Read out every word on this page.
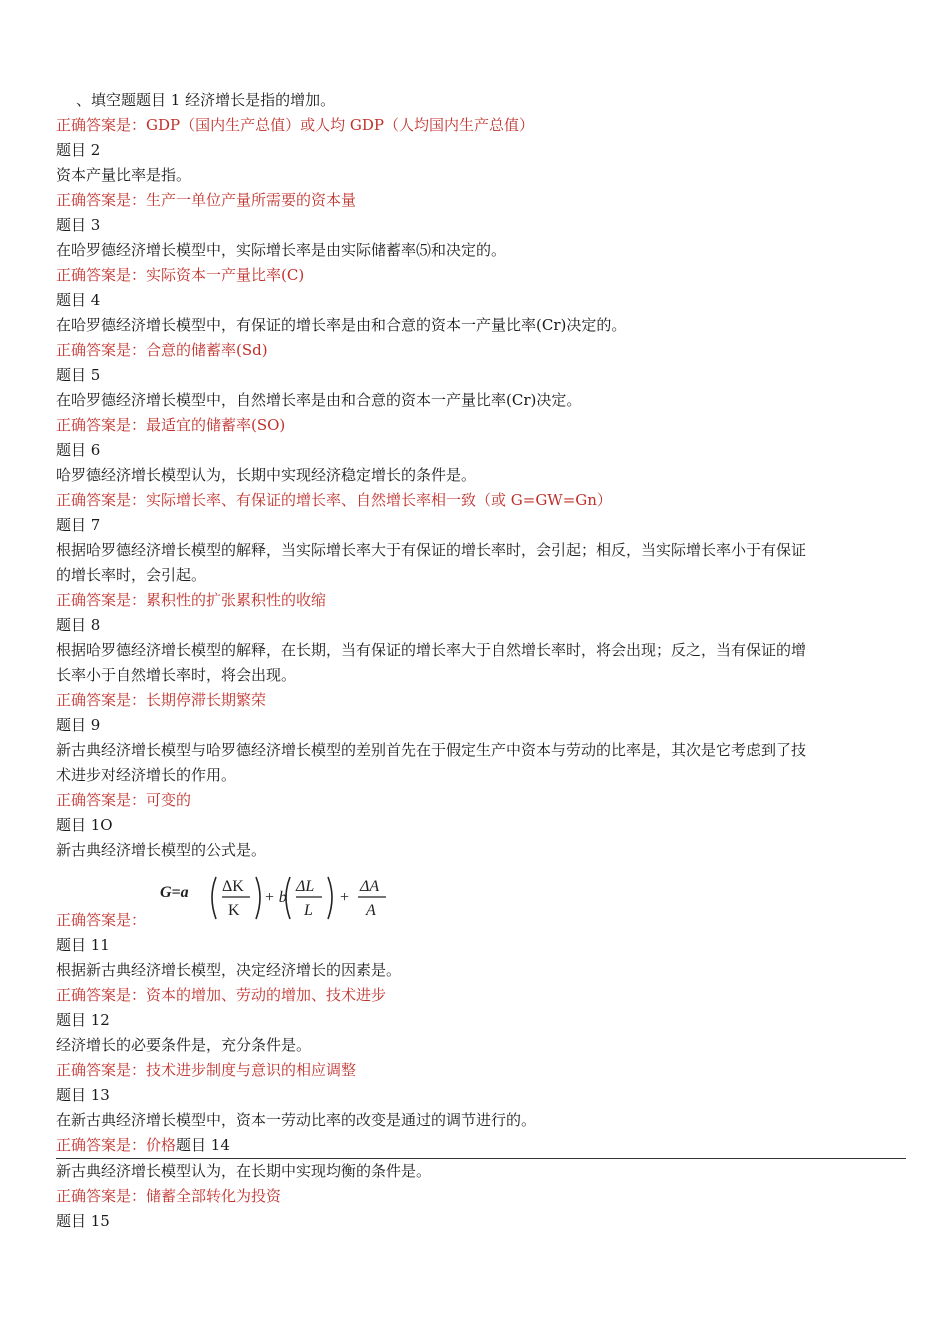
、填空题题目 1 经济增长是指的增加。
正确答案是：GDP（国内生产总值）或人均 GDP（人均国内生产总值）
题目 2
资本产量比率是指。
正确答案是：生产一单位产量所需要的资本量
题目 3
在哈罗德经济增长模型中，实际增长率是由实际储蓄率⑸和决定的。
正确答案是：实际资本一产量比率(C)
题目 4
在哈罗德经济增长模型中，有保证的增长率是由和合意的资本一产量比率(Cr)决定的。
正确答案是：合意的储蓄率(Sd)
题目 5
在哈罗德经济增长模型中，自然增长率是由和合意的资本一产量比率(Cr)决定。
正确答案是：最适宜的储蓄率(SO)
题目 6
哈罗德经济增长模型认为，长期中实现经济稳定增长的条件是。
正确答案是：实际增长率、有保证的增长率、自然增长率相一致（或 G=GW=Gn）
题目 7
根据哈罗德经济增长模型的解释，当实际增长率大于有保证的增长率时，会引起；相反，当实际增长率小于有保证
的增长率时，会引起。
正确答案是：累积性的扩张累积性的收缩
题目 8
根据哈罗德经济增长模型的解释，在长期，当有保证的增长率大于自然增长率时，将会出现；反之，当有保证的增
长率小于自然增长率时，将会出现。
正确答案是：长期停滞长期繁荣
题目 9
新古典经济增长模型与哈罗德经济增长模型的差别首先在于假定生产中资本与劳动的比率是，其次是它考虑到了技
术进步对经济增长的作用。
正确答案是：可变的
题目 1O
新古典经济增长模型的公式是。
正确答案是：

G=a ΔK
K
+ b
ΔL
L
+
ΔA
A

题目 11
根据新古典经济增长模型，决定经济增长的因素是。
正确答案是：资本的增加、劳动的增加、技术进步
题目 12
经济增长的必要条件是，充分条件是。
正确答案是：技术进步制度与意识的相应调整
题目 13
在新古典经济增长模型中，资本一劳动比率的改变是通过的调节进行的。
正确答案是：价格题目 14
新古典经济增长模型认为，在长期中实现均衡的条件是。
正确答案是：储蓄全部转化为投资
题目 15
